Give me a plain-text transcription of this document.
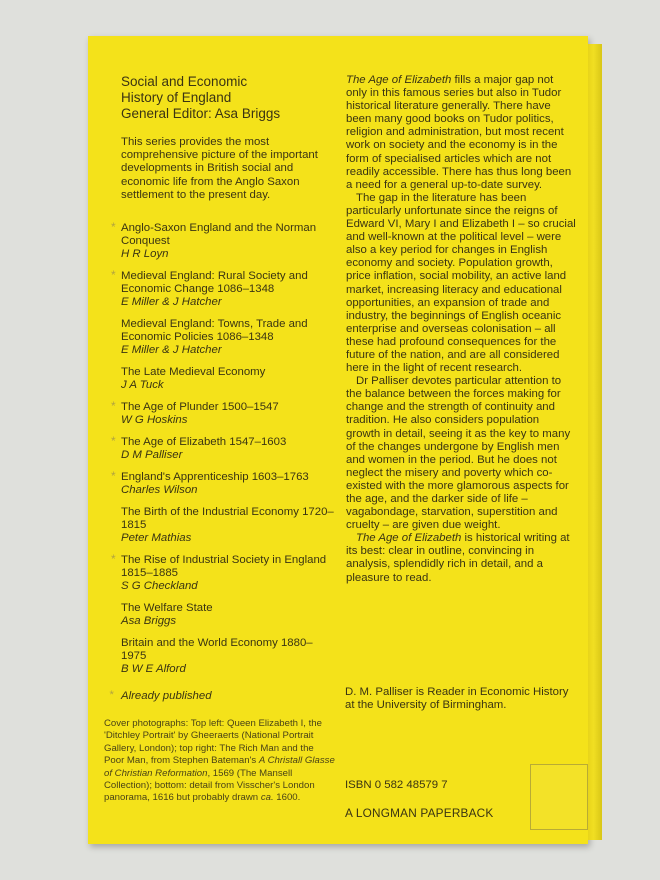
Social and Economic
History of England
General Editor: Asa Briggs

This series provides the most comprehensive picture of the important developments in British social and economic life from the Anglo Saxon settlement to the present day.

* Anglo-Saxon England and the Norman Conquest
H R Loyn
* Medieval England: Rural Society and Economic Change 1086–1348
E Miller & J Hatcher
Medieval England: Towns, Trade and Economic Policies 1086–1348
E Miller & J Hatcher
The Late Medieval Economy
J A Tuck
* The Age of Plunder 1500–1547
W G Hoskins
* The Age of Elizabeth 1547–1603
D M Palliser
* England's Apprenticeship 1603–1763
Charles Wilson
The Birth of the Industrial Economy 1720–1815
Peter Mathias
* The Rise of Industrial Society in England 1815–1885
S G Checkland
The Welfare State
Asa Briggs
Britain and the World Economy 1880–1975
B W E Alford
* Already published
Cover photographs: Top left: Queen Elizabeth I, the 'Ditchley Portrait' by Gheeraerts (National Portrait Gallery, London); top right: The Rich Man and the Poor Man, from Stephen Bateman's A Christall Glasse of Christian Reformation, 1569 (The Mansell Collection); bottom: detail from Visscher's London panorama, 1616 but probably drawn ca. 1600.

The Age of Elizabeth fills a major gap not only in this famous series but also in Tudor historical literature generally. There have been many good books on Tudor politics, religion and administration, but most recent work on society and the economy is in the form of specialised articles which are not readily accessible. There has thus long been a need for a general up-to-date survey.

The gap in the literature has been particularly unfortunate since the reigns of Edward VI, Mary I and Elizabeth I – so crucial and well-known at the political level – were also a key period for changes in English economy and society. Population growth, price inflation, social mobility, an active land market, increasing literacy and educational opportunities, an expansion of trade and industry, the beginnings of English oceanic enterprise and overseas colonisation – all these had profound consequences for the future of the nation, and are all considered here in the light of recent research.

Dr Palliser devotes particular attention to the balance between the forces making for change and the strength of continuity and tradition. He also considers population growth in detail, seeing it as the key to many of the changes undergone by English men and women in the period. But he does not neglect the misery and poverty which co-existed with the more glamorous aspects for the age, and the darker side of life – vagabondage, starvation, superstition and cruelty – are given due weight.

The Age of Elizabeth is historical writing at its best: clear in outline, convincing in analysis, splendidly rich in detail, and a pleasure to read.

D. M. Palliser is Reader in Economic History at the University of Birmingham.
ISBN 0 582 48579 7
A LONGMAN PAPERBACK
